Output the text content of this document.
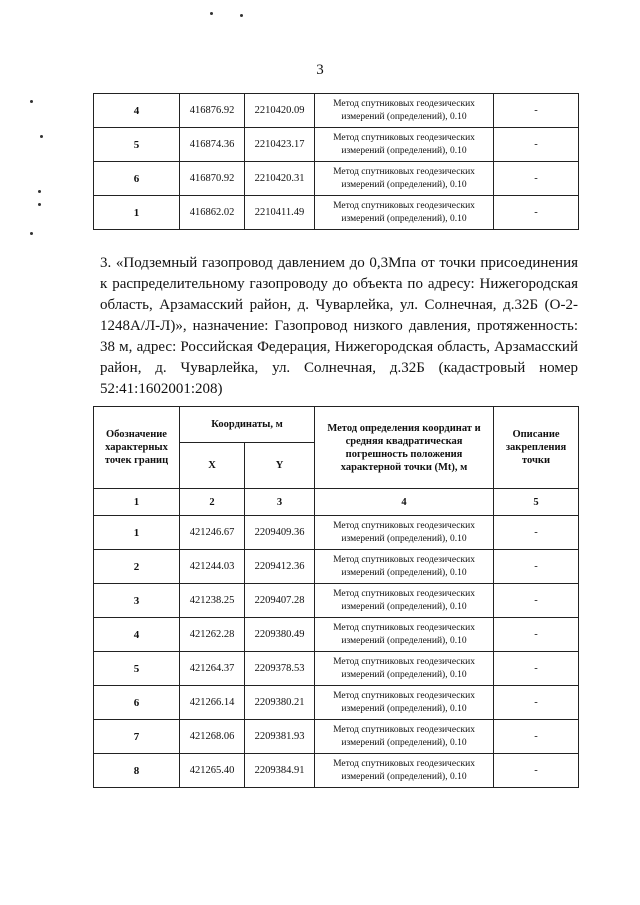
3
4	416876.92	2210420.09	Метод спутниковых геодезических измерений (определений), 0.10	-
5	416874.36	2210423.17	Метод спутниковых геодезических измерений (определений), 0.10	-
6	416870.92	2210420.31	Метод спутниковых геодезических измерений (определений), 0.10	-
1	416862.02	2210411.49	Метод спутниковых геодезических измерений (определений), 0.10	-

3. «Подземный газопровод давлением до 0,3Мпа от точки присоединения к распределительному газопроводу до объекта по адресу: Нижегородская область, Арзамасский район, д. Чуварлейка, ул. Солнечная, д.32Б (О-2-1248А/Л-Л)», назначение: Газопровод низкого давления, протяженность: 38 м, адрес: Российская Федерация, Нижегородская область, Арзамасский район, д. Чуварлейка, ул. Солнечная, д.32Б (кадастровый номер 52:41:1602001:208)

Обозначение характерных точек границ	Координаты, м		Метод определения координат и средняя квадратическая погрешность положения характерной точки (Mt), м	Описание закрепления точки
	X	Y		
1	2	3	4	5
1	421246.67	2209409.36	Метод спутниковых геодезических измерений (определений), 0.10	-
2	421244.03	2209412.36	Метод спутниковых геодезических измерений (определений), 0.10	-
3	421238.25	2209407.28	Метод спутниковых геодезических измерений (определений), 0.10	-
4	421262.28	2209380.49	Метод спутниковых геодезических измерений (определений), 0.10	-
5	421264.37	2209378.53	Метод спутниковых геодезических измерений (определений), 0.10	-
6	421266.14	2209380.21	Метод спутниковых геодезических измерений (определений), 0.10	-
7	421268.06	2209381.93	Метод спутниковых геодезических измерений (определений), 0.10	-
8	421265.40	2209384.91	Метод спутниковых геодезических измерений (определений), 0.10	-
